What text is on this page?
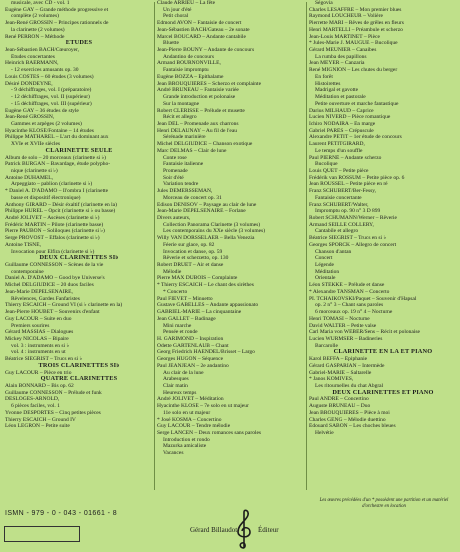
musicale, avec CD - vol. 1
Eugène GAY – Grande méthode progressive et
complète (2 volumes)
Jean-René GROSSIN – Principes rationnels de
la clarinette (2 volumes)
René PERRON – Méthode
ÉTUDES
Jean-Sébastien BACH/Cœuroyer,
Études concertantes
Heinrich BAERMANN,
- 12 exercices amusants op. 30
Louis COSTES – 60 études (3 volumes)
Désiré DONDEYNE,
- 9 déchiffrages, vol. I (préparatoire)
- 12 déchiffrages, vol. II (supérieur)
- 15 déchiffrages, vol. III (supérieur)
Eugène GAY – 36 études de style
Jean-René GROSSIN,
Gammes et arpèges (2 volumes)
Hyacinthe KLOSÉ/Fontaine – 14 études
Philippe MATHAREL – L'art du dominant aux
XVIe et XVIIe siècles
CLARINETTE SEULE
Album de solo – 20 morceaux (clarinette si ♭)
Patrick BURGAN – Bavardage, étude polypho-
nique (clarinette si ♭)
Antoine DUHAMEL,
Arpeggiato – pablion (clarinette si ♭)
* Daniel A. D'ADAMO – Il'ombra I (clarinette
basse et dispositif électronique)
Anthony GIRARD – Désir éxaltif (clarinette en la)
Philippe HUREL – Opcit (clarinette si ♭ ou basse)
André JOLIVET – Ascèses (clarinette si ♭)
Frédéric MARTIN – Pilote (clarinette basse)
Pierre PAUBON – Soliloques (clarinette si ♭)
Serge PROVOST – Effalos (clarinette si ♭)
Antoine TISNÉ,
Invocation pour Elfira (clarinette si ♭)
DEUX CLARINETTES SI♭
Guillaume CONNESSON – Scènes de la vie
contemporaine
Daniel A. D'ADAMO – Good bye Universe's
Michel DELGIUDICE – 20 duos faciles
Jean-Marie DEPELSENAIRE,
Rêvelences, Gardes Fanfaristes
Thierry ESCAICH – Ground VI (si ♭ clarinette en la)
Jean-Pierre HOUBET – Souvenirs d'enfant
Guy LACOUR – Suite en duo
Premiers sourires
Gérard MASSIAS – Dialogues
Mickey NICOLAS – Bipaire
vol. 3 : instruments en si ♭
vol. 4 : instruments en ut
Béatrice SIEGRIST – Trucs en si ♭
TROIS CLARINETTES SI♭
Guy LACOUR – Pièce en trio
QUATRE CLARINETTES
Alain BONNARD – Bis op. 62
Guillaume CONNESSON – Prélude et funk
DESLOGES-ARNOLD,
6 pièces faciles, vol. 1
Yvonne DESPORTES – Cinq petites pièces
Thierry ESCAICH – Ground IV
Léon LEGRON – Petite suite
Claude ARRIEU – La fête
Un jour d'été
Petit choral
Edmond AVON – Fantaisie de concert
Jean-Sébastien BACH/Gateau – 2e sonate
Marcel BOUCARD – Andante cantabile
Bluette
Jean-Pierre BOUNY – Andante de concours
Andantino de concours
Armand BOURNONVILLE,
Fantaisie impromptu
Eugène BOZZA – Épithalame
Jean BROUQUIÈRES – Scherzo et complainte
André BRUNEAU – Fantaisie variée
Grande introduction et polonaise
Sur la montagne
Robert CLÉRISSE – Prélude et musette
Récit et allegro
Jean DEL – Promenade aux charrons
Henri DELAUNAY – Au fil de l'eau
Sérénade marinière
Michel DELGIUDICE – Chanson exotique
Marc DELMAS – Clair de lune
Conte rose
Fantaisie italienne
Promenade
Soir d'été
Variation tendre
Jules DEMERSSEMAN,
Morceau de concert op. 31
Edison DENISOV – Paysage au clair de lune
Jean-Marie DEPELSENAIRE – Forlane
Divers auteurs,
Collection Panorama Clarinette (3 volumes)
Les contemporains du XXe siècle (3 volumes)
Willy VAN DORSSELAER – Bella Venezia
Féerie sur glace, op. 82
Invocation et danse, op. 59
Rêverie et scherzetto, op. 130
Robert DRUET – Air et danse
Mélodie
Pierre MAX DUBOIS – Complainte
* Thierry ESCAICH – Le chant des sirèthes
* Concerto
Paul FIEVET – Minuetto
Gustave GABELLES – Andante appassionato
GABRIEL-MARIE – La cinquantaine
Jean GALLET – Badinage
Mini marche
Pensée et ronde
H. GARIMOND – Inspiration
Odette GARTENLAUB – Chant
Georg Friedrich HAENDEL/Brisset – Largo
Georges HUGON – Séquence
Paul JEANJEAN – 2e andantino
Au clair de la lune
Arabesques
Clair matin
Heureux temps
André JOLIVET – Méditation
Hyacinthe KLOSÉ – 7e solo en ut majeur
11e solo en ut majeur
* José KOSMA – Concertino
Guy LACOUR – Tendre mélodie
Serge LANCEN – Deux romances sans paroles
Introduction et rondo
Mazurka amicaliste
Vacances
Ségovia
Charles LESAFFRE – Mon premier blues
Raymond LOUCHEUR – Volière
Pierrette MARI – Rêves de grêles en fleurs
Henri MARTELLI – Préambule et scherzo
Jean-Louis MARTINET – Pièce
* Jules-Marie J. MAUGÜE – Bucolique
Gérard MEUNIER – Canaibes
La rumba des papillons
Jean MEYER – Canzaria
René MIGNION – Les chutes du berger
En forêt
Histoirettes
Madrigal et gavotte
Méditation et pastorale
Petite ouverture et marche fantastique
Darius MILHAUD – Caprice
Lucien NIVERD – Pièce romantique
Ichiro NODAIRA – En marge
Gabriel PARÈS – Crépuscule
Alexandre PETIT – 1er étude de concours
Laurent PETITGIRARD,
Le temps d'un souffle
Paul PIERNÉ – Andante scherzo
Bucolique
Louis QUET – Petite pièce
Frédérik van ROSSUM – Petite pièce op. 6
Jean ROUSSEL – Petite pièce en ré
Franz SCHUBERT/Ber-Fessy,
Fantaisie concertante
Franz SCHUBERT/Walter,
Impromptu op. 90 n° 3 D 899
Robert SCHUMANN/Werner – Rêverie
Armand SEILLE COLLERY,
Cantabile et allegro
Béatrice SIEGRIST – Trucs en si ♭
Georges SPORCK – Allegro de concert
Chanson d'antan
Concert
Légende
Méditation
Orientale
Léon STEKKE – Prélude et danse
* Alexandre TANSMAN – Concerto
PI. TCHAIKOVSKI/Paquet – Souvenir d'Hapsal
op. 2 n° 3 – Chant sans paroles
6 morceaux op. 19 n° 4 – Nocturne
Henri TOMASI – Nocturne
David WALTER – Petite valse
Carl Maria von WEBER/Sens – Récit et polonaise
Lucien WURMSER – Badineries
Barcarolle
CLARINETTE EN LA ET PIANO
Karol BEFFA – Épiphanie
Gérard GASPARIAN – Intermède
Gabriel-MARIE – Saltarelle
* Janos KOMIVES,
Les ritournelles du chat Abgral
DEUX CLARINETTES ET PIANO
Paul ANDRÉ – Concertino
Auguste BRUNEAU – Duo
Jean BROUQUIÈRES – Pièce à moi
Charles GENG – Mélodie duettino
Édouard SABON – Les choches bleues
Helvétie
ISMN - 979 - 0 - 043 - 01661 - 8
Gérard Billaudot	Éditeur
Les œuvres précédées d'un * possèdent une partition et un matériel d'orchestre en location
